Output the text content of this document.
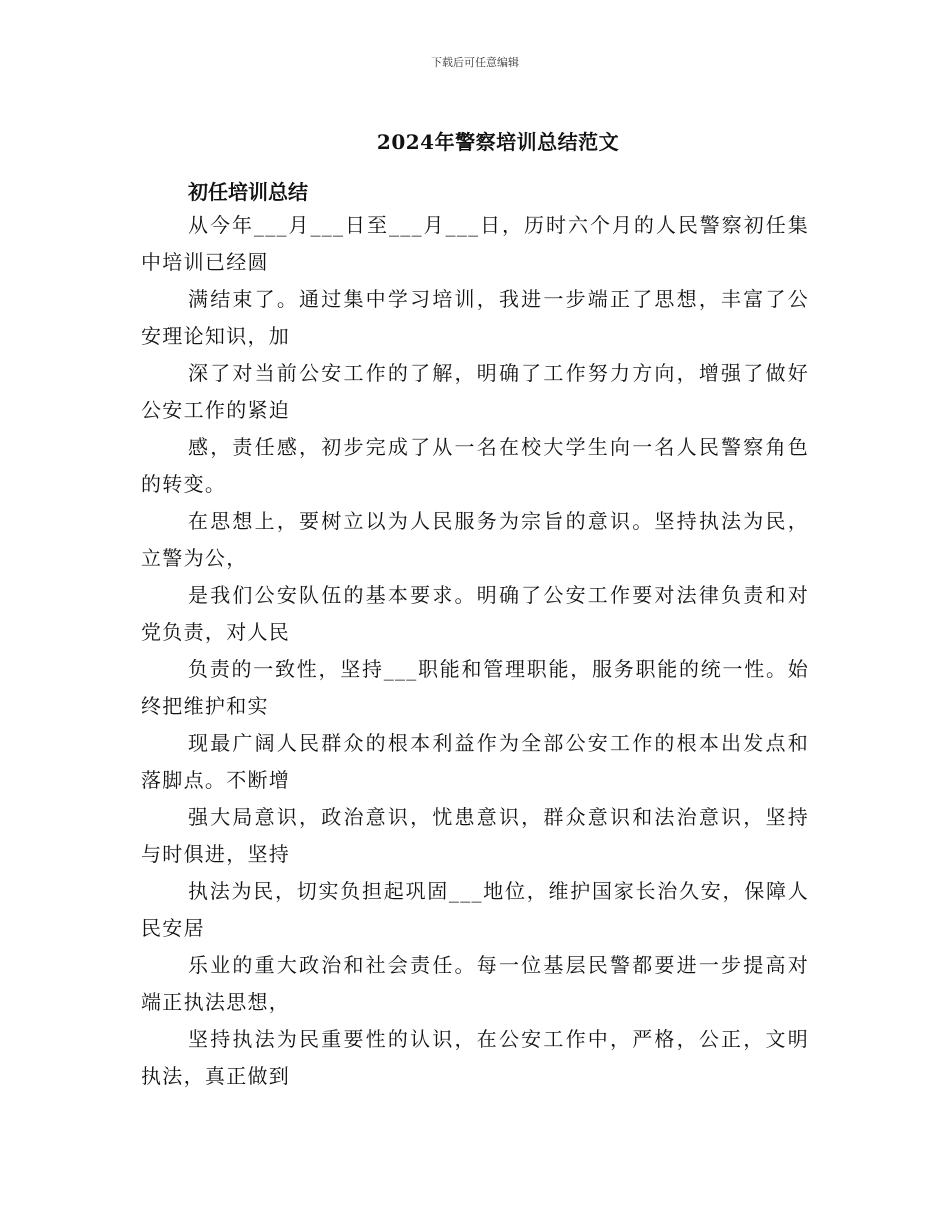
下载后可任意编辑
2024年警察培训总结范文
初任培训总结

从今年___月___日至___月___日，历时六个月的人民警察初任集
中培训已经圆

满结束了。通过集中学习培训，我进一步端正了思想，丰富了公
安理论知识，加

深了对当前公安工作的了解，明确了工作努力方向，增强了做好
公安工作的紧迫

感，责任感，初步完成了从一名在校大学生向一名人民警察角色
的转变。

在思想上，要树立以为人民服务为宗旨的意识。坚持执法为民，
立警为公，

是我们公安队伍的基本要求。明确了公安工作要对法律负责和对
党负责，对人民

负责的一致性，坚持___职能和管理职能，服务职能的统一性。始
终把维护和实

现最广阔人民群众的根本利益作为全部公安工作的根本出发点和
落脚点。不断增

强大局意识，政治意识，忧患意识，群众意识和法治意识，坚持
与时俱进，坚持

执法为民，切实负担起巩固___地位，维护国家长治久安，保障人
民安居

乐业的重大政治和社会责任。每一位基层民警都要进一步提高对
端正执法思想，

坚持执法为民重要性的认识，在公安工作中，严格，公正，文明
执法，真正做到
